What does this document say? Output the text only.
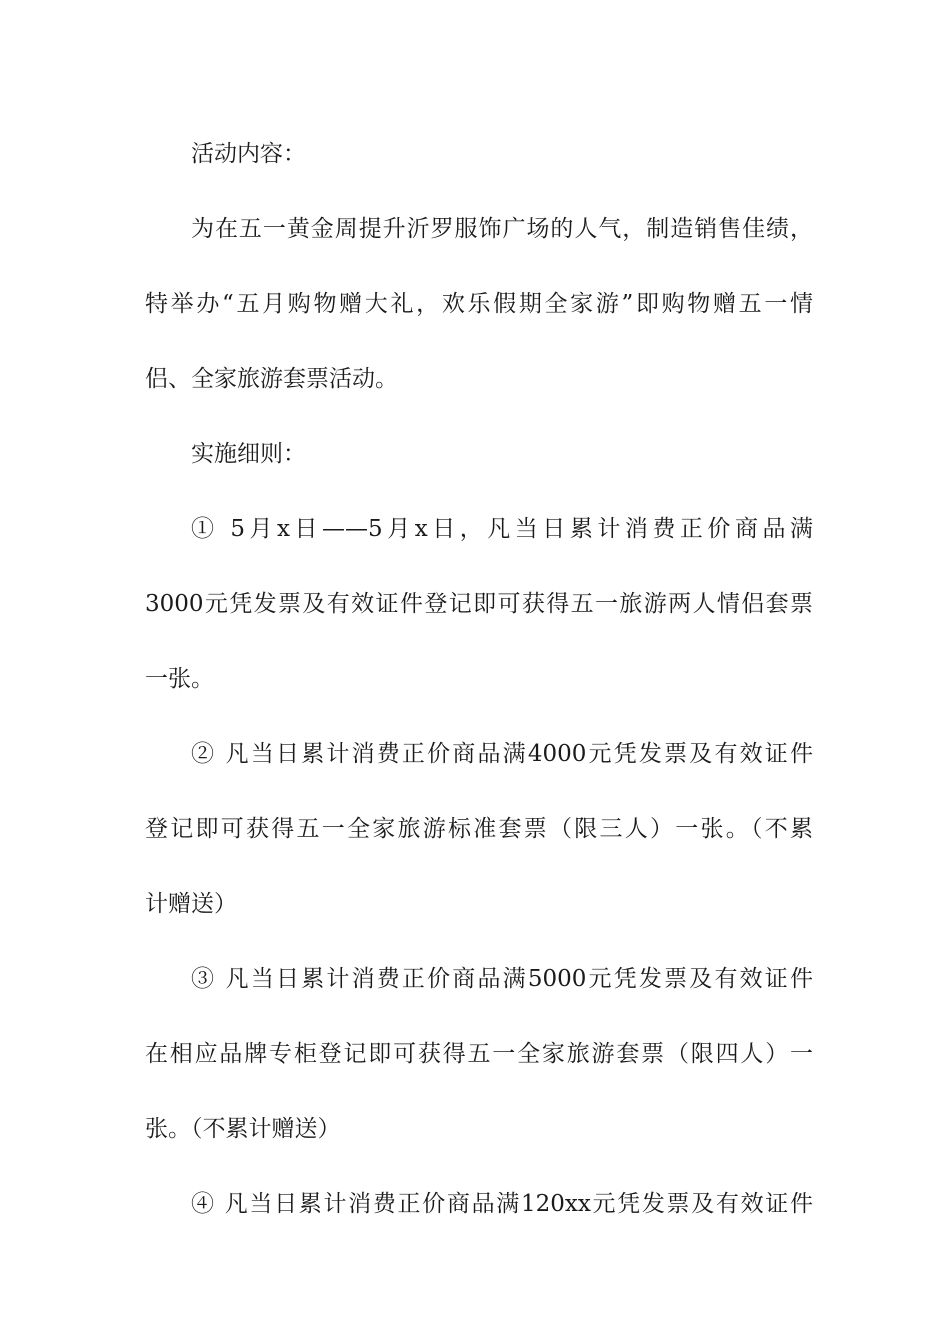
活动内容：
为在五一黄金周提升沂罗服饰广场的人气，制造销售佳绩，
特举办“五月购物赠大礼，欢乐假期全家游”即购物赠五一情
侣、全家旅游套票活动。
实施细则：
① 5月x日——5月x日，凡当日累计消费正价商品满
3000元凭发票及有效证件登记即可获得五一旅游两人情侣套票
一张。
② 凡当日累计消费正价商品满4000元凭发票及有效证件
登记即可获得五一全家旅游标准套票（限三人）一张。（不累
计赠送）
③ 凡当日累计消费正价商品满5000元凭发票及有效证件
在相应品牌专柜登记即可获得五一全家旅游套票（限四人）一
张。（不累计赠送）
④ 凡当日累计消费正价商品满120xx元凭发票及有效证件
